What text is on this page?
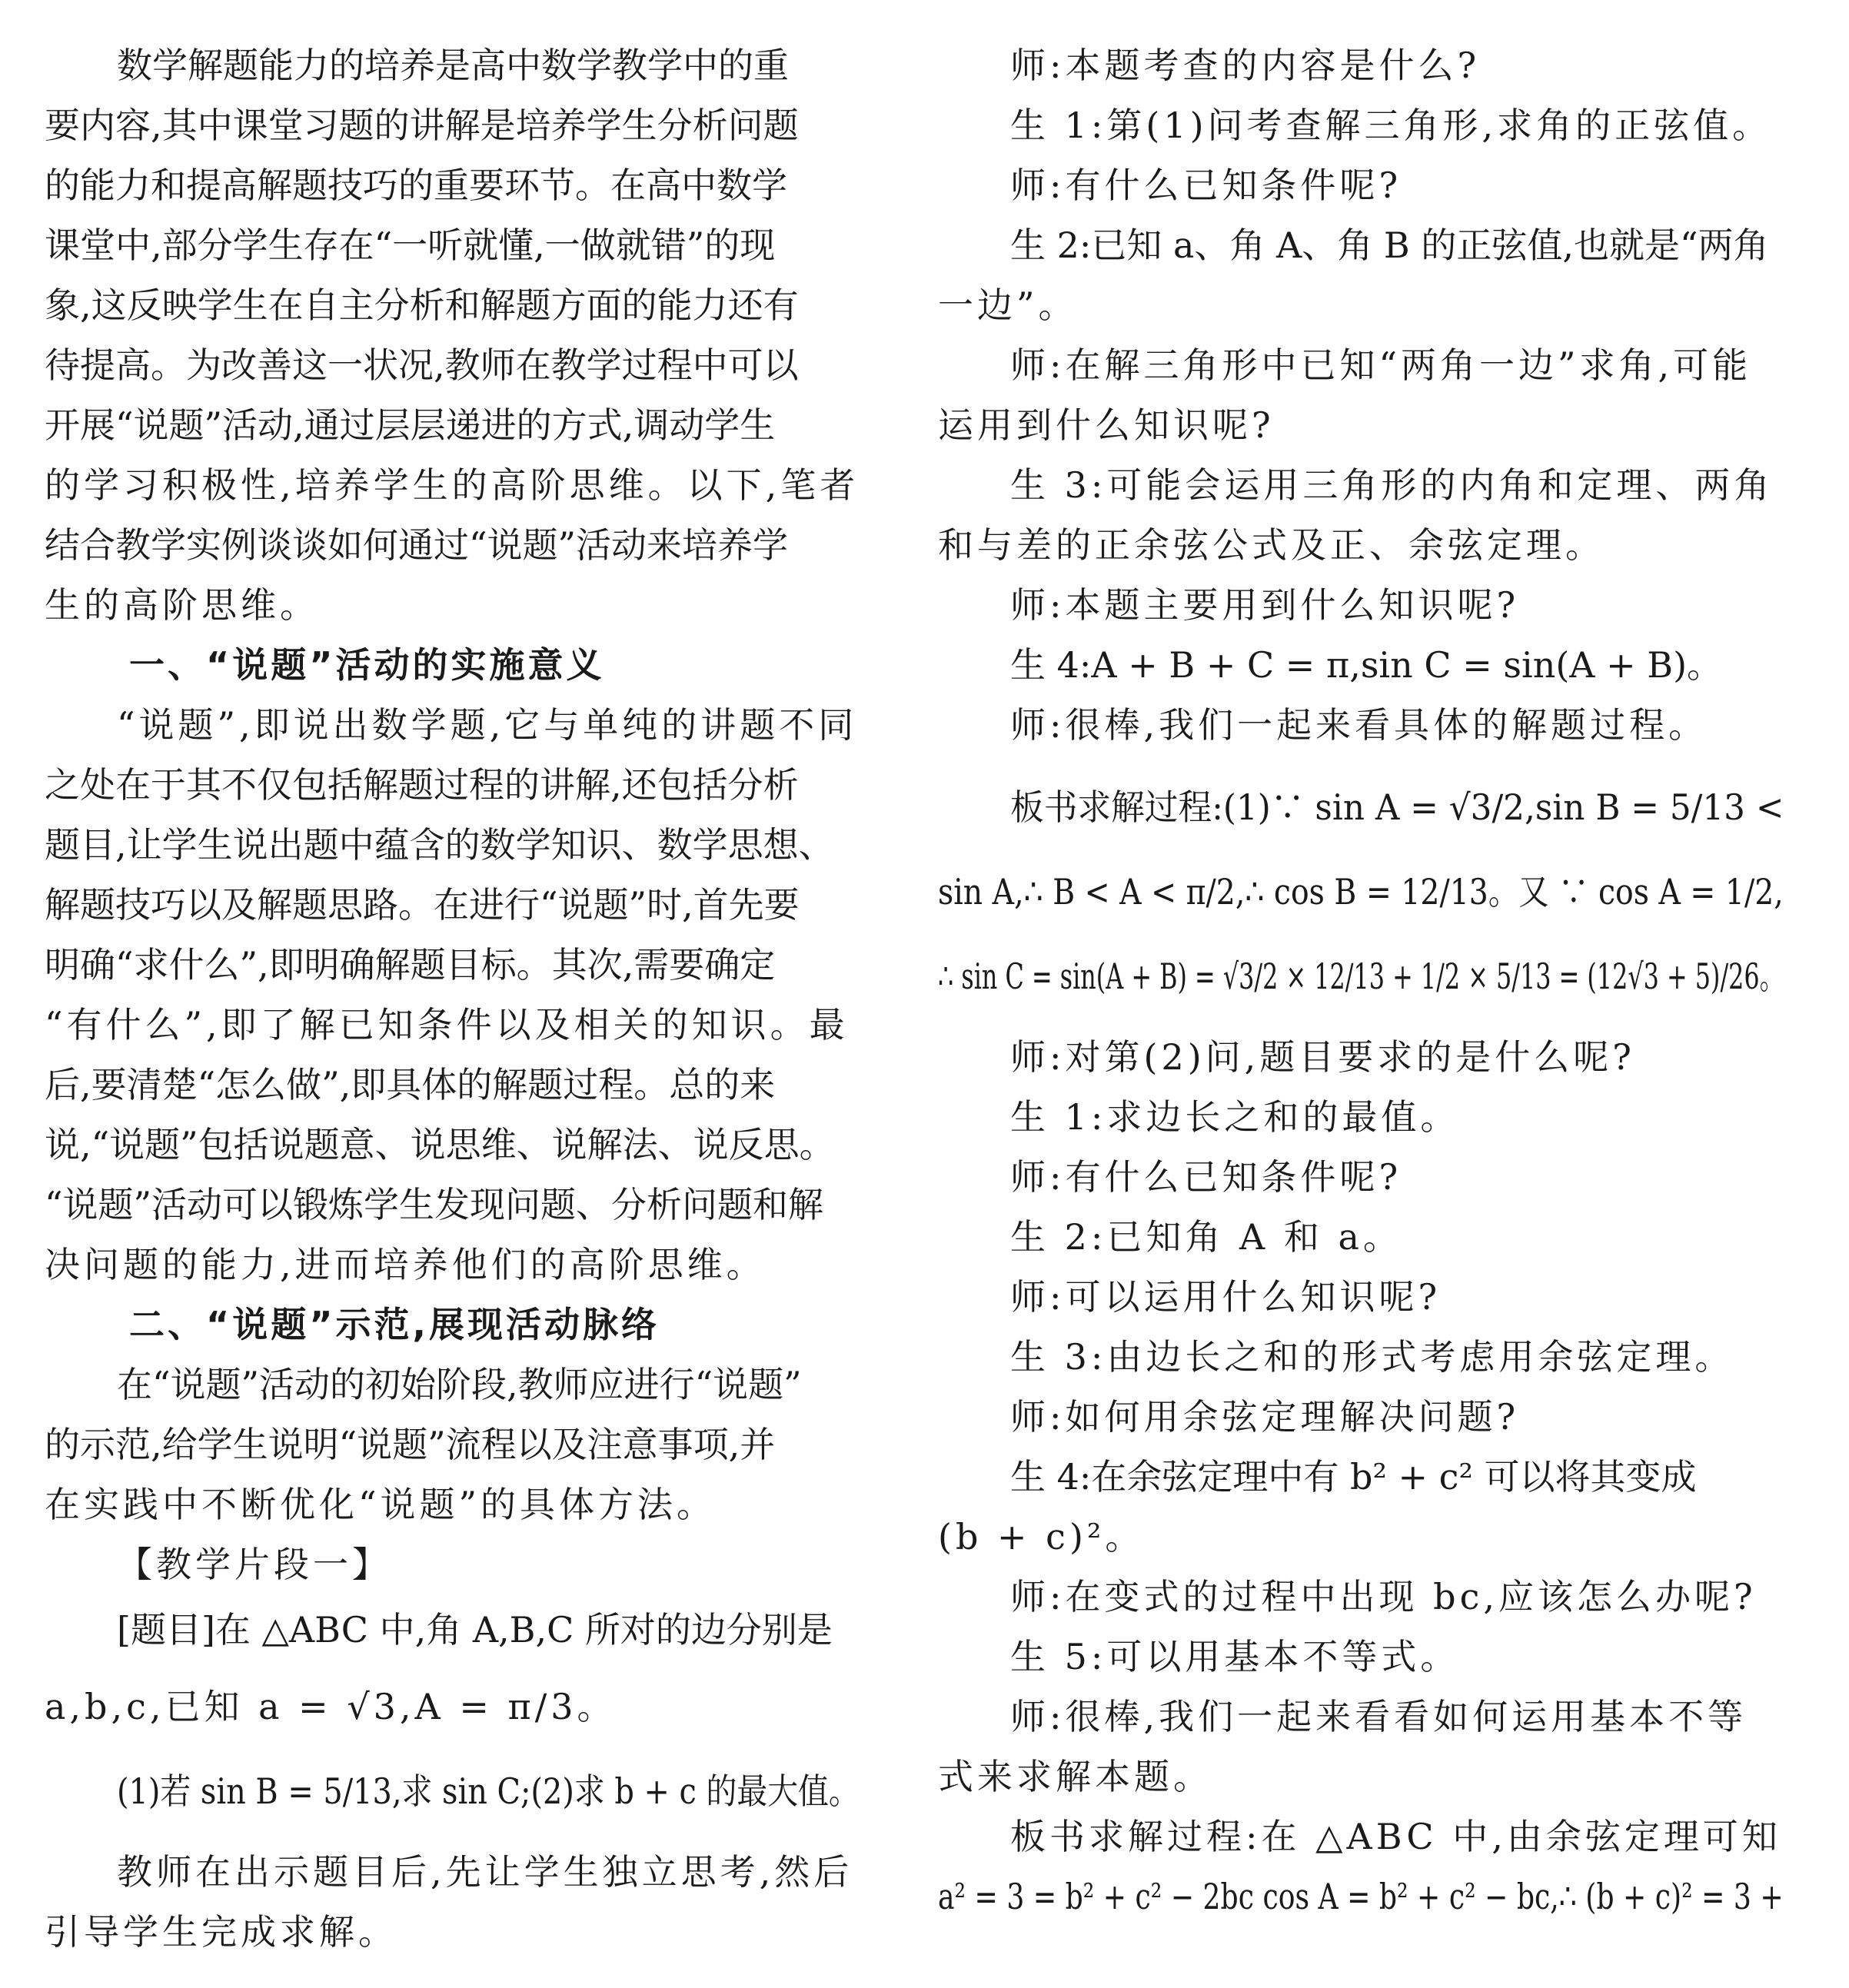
数学解题能力的培养是高中数学教学中的重
要内容,其中课堂习题的讲解是培养学生分析问题
的能力和提高解题技巧的重要环节。在高中数学
课堂中,部分学生存在“一听就懂,一做就错”的现
象,这反映学生在自主分析和解题方面的能力还有
待提高。为改善这一状况,教师在教学过程中可以
开展“说题”活动,通过层层递进的方式,调动学生
的学习积极性,培养学生的高阶思维。以下,笔者
结合教学实例谈谈如何通过“说题”活动来培养学
生的高阶思维。
一、“说题”活动的实施意义
“说题”,即说出数学题,它与单纯的讲题不同
之处在于其不仅包括解题过程的讲解,还包括分析
题目,让学生说出题中蕴含的数学知识、数学思想、
解题技巧以及解题思路。在进行“说题”时,首先要
明确“求什么”,即明确解题目标。其次,需要确定
“有什么”,即了解已知条件以及相关的知识。最
后,要清楚“怎么做”,即具体的解题过程。总的来
说,“说题”包括说题意、说思维、说解法、说反思。
“说题”活动可以锻炼学生发现问题、分析问题和解
决问题的能力,进而培养他们的高阶思维。
二、“说题”示范,展现活动脉络
在“说题”活动的初始阶段,教师应进行“说题”
的示范,给学生说明“说题”流程以及注意事项,并
在实践中不断优化“说题”的具体方法。
【教学片段一】
[题目]在 △ABC 中,角 A,B,C 所对的边分别是
a,b,c,已知 a = √3,A = π/3。
(1)若 sin B = 5/13,求 sin C;(2)求 b + c 的最大值。
教师在出示题目后,先让学生独立思考,然后
引导学生完成求解。
师:本题考查的内容是什么?
生 1:第(1)问考查解三角形,求角的正弦值。
师:有什么已知条件呢?
生 2:已知 a、角 A、角 B 的正弦值,也就是“两角
一边”。
师:在解三角形中已知“两角一边”求角,可能
运用到什么知识呢?
生 3:可能会运用三角形的内角和定理、两角
和与差的正余弦公式及正、余弦定理。
师:本题主要用到什么知识呢?
生 4:A + B + C = π,sin C = sin(A + B)。
师:很棒,我们一起来看具体的解题过程。
板书求解过程:(1)∵ sin A = √3/2,sin B = 5/13 <
sin A,∴ B < A < π/2,∴ cos B = 12/13。又 ∵ cos A = 1/2,
∴ sin C = sin(A + B) = √3/2 × 12/13 + 1/2 × 5/13 = (12√3 + 5)/26。
师:对第(2)问,题目要求的是什么呢?
生 1:求边长之和的最值。
师:有什么已知条件呢?
生 2:已知角 A 和 a。
师:可以运用什么知识呢?
生 3:由边长之和的形式考虑用余弦定理。
师:如何用余弦定理解决问题?
生 4:在余弦定理中有 b² + c² 可以将其变成
(b + c)²。
师:在变式的过程中出现 bc,应该怎么办呢?
生 5:可以用基本不等式。
师:很棒,我们一起来看看如何运用基本不等
式来求解本题。
板书求解过程:在 △ABC 中,由余弦定理可知
a² = 3 = b² + c² − 2bc cos A = b² + c² − bc,∴ (b + c)² = 3 +
